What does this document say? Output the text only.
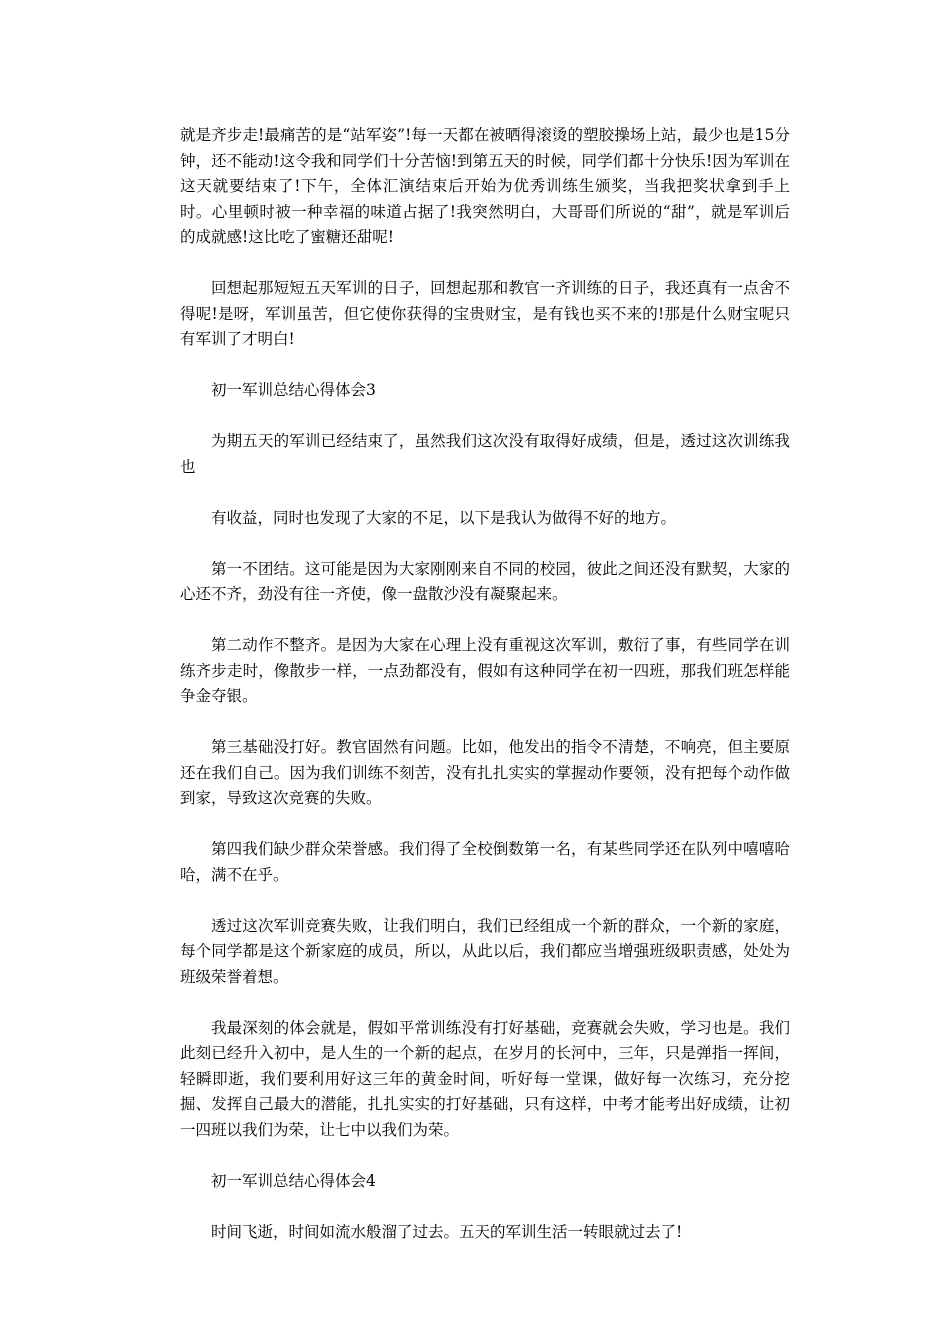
就是齐步走!最痛苦的是“站军姿”!每一天都在被晒得滚烫的塑胶操场上站，最少也是15分钟，还不能动!这令我和同学们十分苦恼!到第五天的时候，同学们都十分快乐!因为军训在这天就要结束了!下午，全体汇演结束后开始为优秀训练生颁奖，当我把奖状拿到手上时。心里顿时被一种幸福的味道占据了!我突然明白，大哥哥们所说的“甜”，就是军训后的成就感!这比吃了蜜糖还甜呢!

回想起那短短五天军训的日子，回想起那和教官一齐训练的日子，我还真有一点舍不得呢!是呀，军训虽苦，但它使你获得的宝贵财宝，是有钱也买不来的!那是什么财宝呢只有军训了才明白!

初一军训总结心得体会3

为期五天的军训已经结束了，虽然我们这次没有取得好成绩，但是，透过这次训练我也

有收益，同时也发现了大家的不足，以下是我认为做得不好的地方。

第一不团结。这可能是因为大家刚刚来自不同的校园，彼此之间还没有默契，大家的心还不齐，劲没有往一齐使，像一盘散沙没有凝聚起来。

第二动作不整齐。是因为大家在心理上没有重视这次军训，敷衍了事，有些同学在训练齐步走时，像散步一样，一点劲都没有，假如有这种同学在初一四班，那我们班怎样能争金夺银。

第三基础没打好。教官固然有问题。比如，他发出的指令不清楚，不响亮，但主要原还在我们自己。因为我们训练不刻苦，没有扎扎实实的掌握动作要领，没有把每个动作做到家，导致这次竞赛的失败。

第四我们缺少群众荣誉感。我们得了全校倒数第一名，有某些同学还在队列中嘻嘻哈哈，满不在乎。

透过这次军训竞赛失败，让我们明白，我们已经组成一个新的群众，一个新的家庭，每个同学都是这个新家庭的成员，所以，从此以后，我们都应当增强班级职责感，处处为班级荣誉着想。

我最深刻的体会就是，假如平常训练没有打好基础，竞赛就会失败，学习也是。我们此刻已经升入初中，是人生的一个新的起点，在岁月的长河中，三年，只是弹指一挥间，轻瞬即逝，我们要利用好这三年的黄金时间，听好每一堂课，做好每一次练习，充分挖掘、发挥自己最大的潜能，扎扎实实的打好基础，只有这样，中考才能考出好成绩，让初一四班以我们为荣，让七中以我们为荣。

初一军训总结心得体会4

时间飞逝，时间如流水般溜了过去。五天的军训生活一转眼就过去了!
